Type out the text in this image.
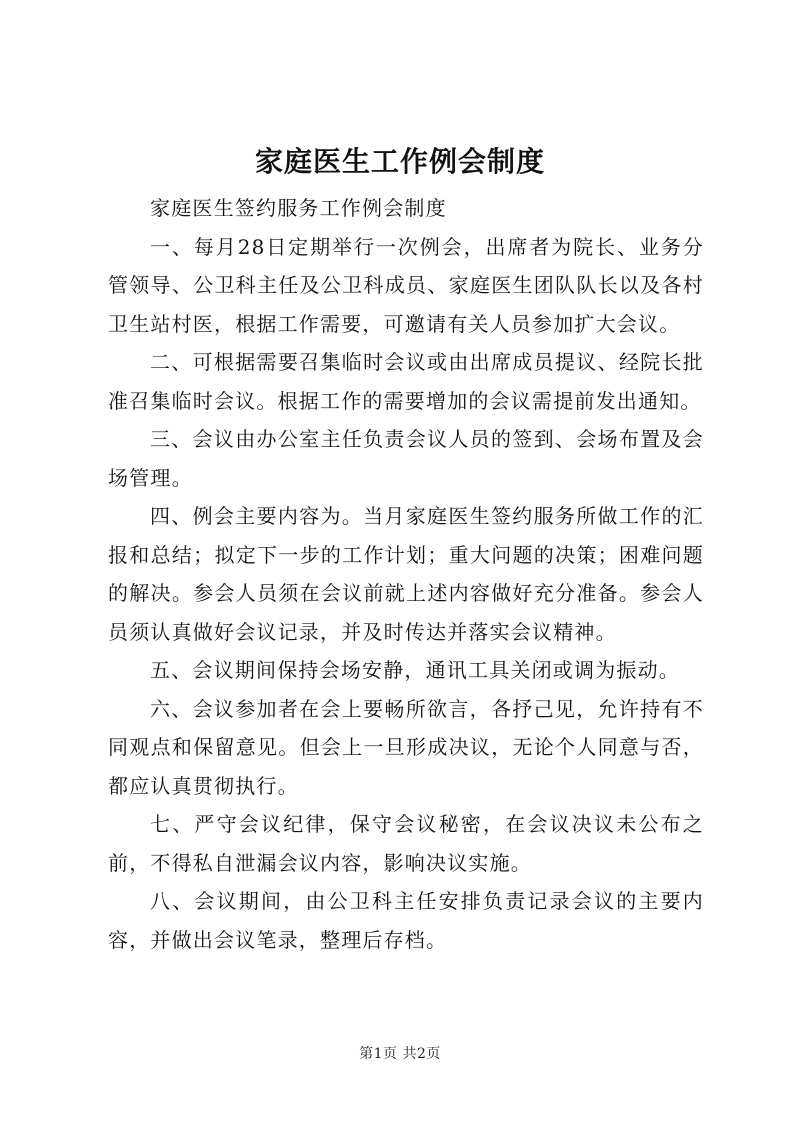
家庭医生工作例会制度

家庭医生签约服务工作例会制度

一、每月28日定期举行一次例会，出席者为院长、业务分管领导、公卫科主任及公卫科成员、家庭医生团队队长以及各村卫生站村医，根据工作需要，可邀请有关人员参加扩大会议。

二、可根据需要召集临时会议或由出席成员提议、经院长批准召集临时会议。根据工作的需要增加的会议需提前发出通知。

三、会议由办公室主任负责会议人员的签到、会场布置及会场管理。

四、例会主要内容为。当月家庭医生签约服务所做工作的汇报和总结；拟定下一步的工作计划；重大问题的决策；困难问题的解决。参会人员须在会议前就上述内容做好充分准备。参会人员须认真做好会议记录，并及时传达并落实会议精神。

五、会议期间保持会场安静，通讯工具关闭或调为振动。

六、会议参加者在会上要畅所欲言，各抒己见，允许持有不同观点和保留意见。但会上一旦形成决议，无论个人同意与否，都应认真贯彻执行。

七、严守会议纪律，保守会议秘密，在会议决议未公布之前，不得私自泄漏会议内容，影响决议实施。

八、会议期间，由公卫科主任安排负责记录会议的主要内容，并做出会议笔录，整理后存档。

第1页 共2页
